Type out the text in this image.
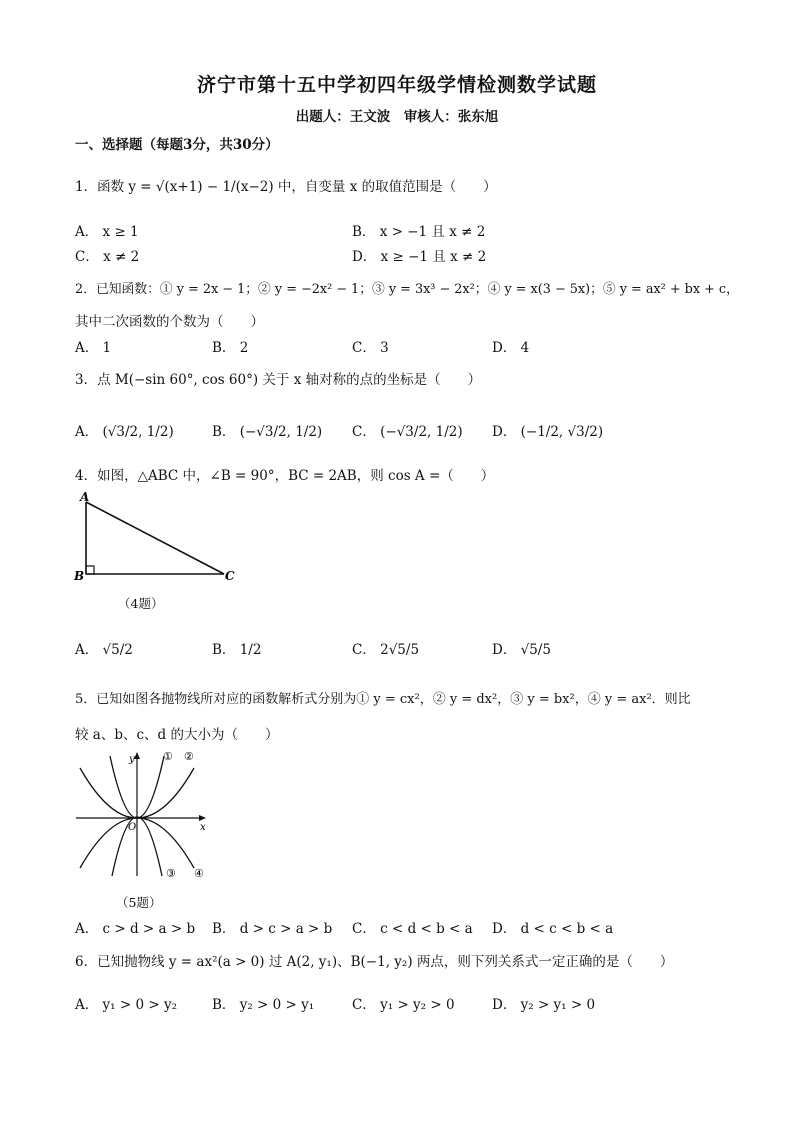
济宁市第十五中学初四年级学情检测数学试题
出题人：王文波　审核人：张东旭
一、选择题（每题3分，共30分）
1．函数 y = √(x+1) − 1/(x−2) 中，自变量 x 的取值范围是（　　）
A． x ≥ 1	B． x > −1 且 x ≠ 2
C． x ≠ 2	D． x ≥ −1 且 x ≠ 2
2．已知函数：① y = 2x − 1；② y = −2x² − 1；③ y = 3x³ − 2x²；④ y = x(3 − 5x)；⑤ y = ax² + bx + c，
其中二次函数的个数为（　　）
A． 1	B． 2	C． 3	D． 4
3．点 M(−sin 60°, cos 60°) 关于 x 轴对称的点的坐标是（　　）
A． (√3/2, 1/2)	B． (−√3/2, 1/2) C． (−√3/2, 1/2) D． (−1/2, √3/2)
4．如图，△ABC 中，∠B = 90°，BC = 2AB，则 cos A =（　　）
A
B	C
（4题）
A． √5/2	B． 1/2	C． 2√5/5	D． √5/5
5．已知如图各抛物线所对应的函数解析式分别为① y = cx²，② y = dx²，③ y = bx²，④ y = ax²．则比
较 a、b、c、d 的大小为（　　）
y
x
O
① ②
③ ④
（5题）
A． c > d > a > b B． d > c > a > b C． c < d < b < a D． d < c < b < a
6．已知抛物线 y = ax²(a > 0) 过 A(2, y₁)、B(−1, y₂) 两点，则下列关系式一定正确的是（　　）
A． y₁ > 0 > y₂	B． y₂ > 0 > y₁	C． y₁ > y₂ > 0	D． y₂ > y₁ > 0
